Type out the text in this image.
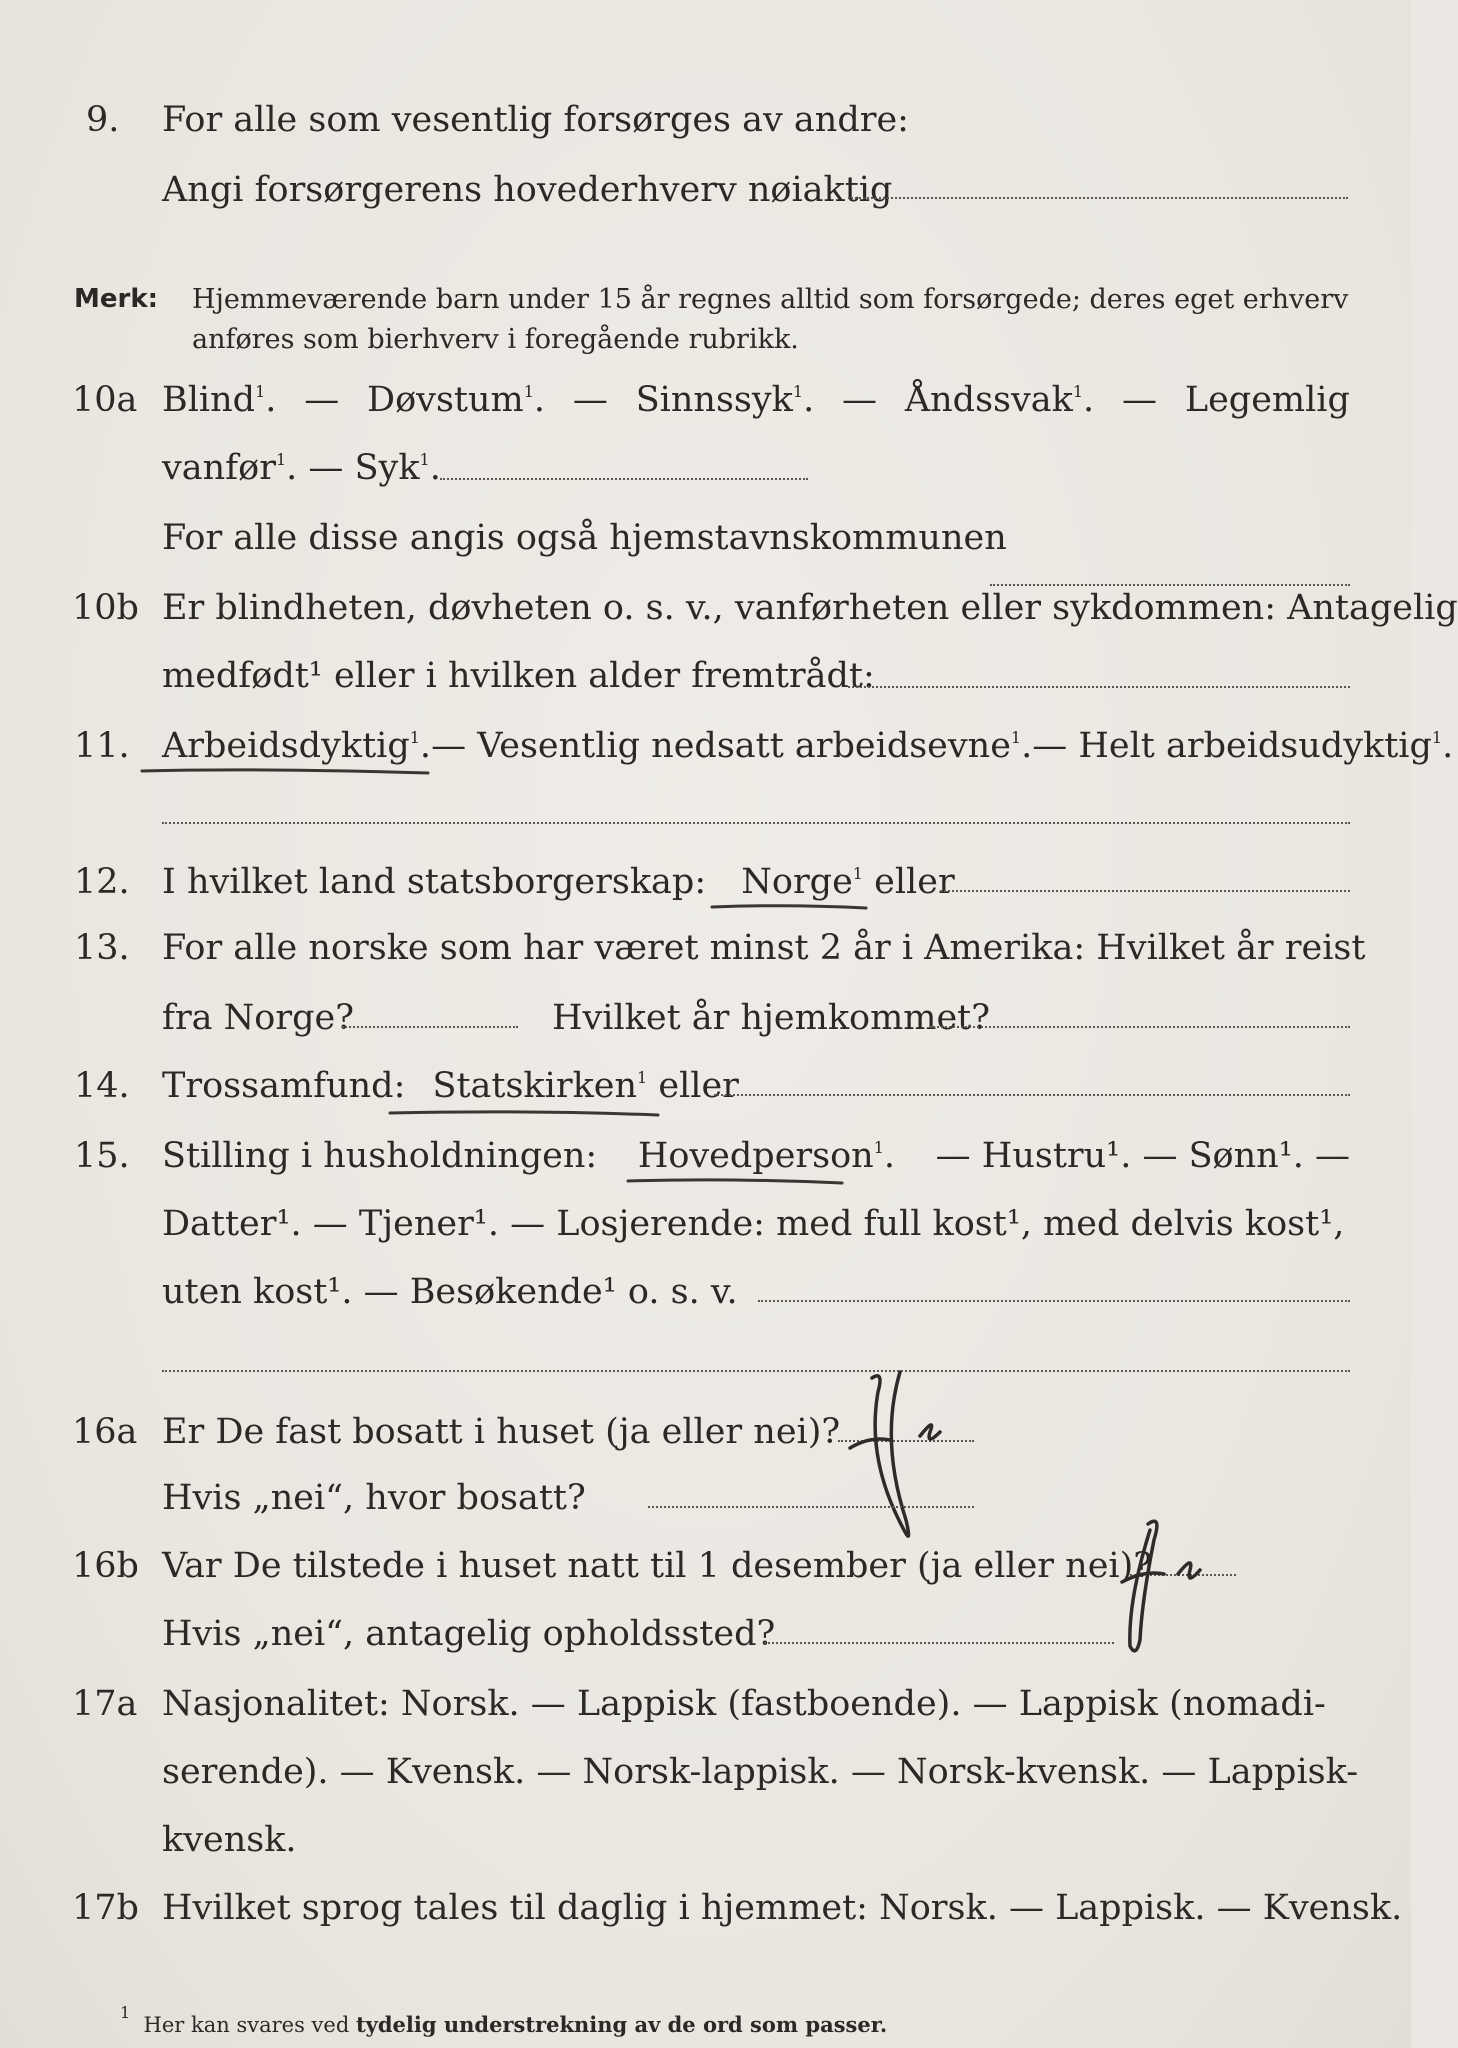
9. For alle som vesentlig forsørges av andre:
Angi forsørgerens hovederhverv nøiaktig
Merk: Hjemmeværende barn under 15 år regnes alltid som forsørgede; deres eget erhverv
anføres som bierhverv i foregående rubrikk.
10a Blind$^1$. — Døvstum$^1$. — Sinnssyk$^1$. — Åndssvak$^1$. — Legemlig
vanfør$^1$. — Syk$^1$.
For alle disse angis også hjemstavnskommunen
10b Er blindheten, døvheten o. s. v., vanførheten eller sykdommen: Antagelig
medfødt¹ eller i hvilken alder fremtrådt:
11. Arbeidsdyktig$^1$.— Vesentlig nedsatt arbeidsevne$^1$.— Helt arbeidsudyktig$^1$.
12. I hvilket land statsborgerskap: Norge$^1$ eller
13. For alle norske som har været minst 2 år i Amerika: Hvilket år reist
fra Norge?	Hvilket år hjemkommet?
14. Trossamfund: Statskirken$^1$ eller
15. Stilling i husholdningen: Hovedperson$^1$. — Hustru¹. — Sønn¹. —
Datter¹. — Tjener¹. — Losjerende: med full kost¹, med delvis kost¹,
uten kost¹. — Besøkende¹ o. s. v.
16a Er De fast bosatt i huset (ja eller nei)?
Hvis „nei“, hvor bosatt?
16b Var De tilstede i huset natt til 1 desember (ja eller nei)?
Hvis „nei“, antagelig opholdssted?
17a Nasjonalitet: Norsk. — Lappisk (fastboende). — Lappisk (nomadi-
serende). — Kvensk. — Norsk-lappisk. — Norsk-kvensk. — Lappisk-
kvensk.
17b Hvilket sprog tales til daglig i hjemmet: Norsk. — Lappisk. — Kvensk.
$^1$  Her kan svares ved tydelig understrekning av de ord som passer.
